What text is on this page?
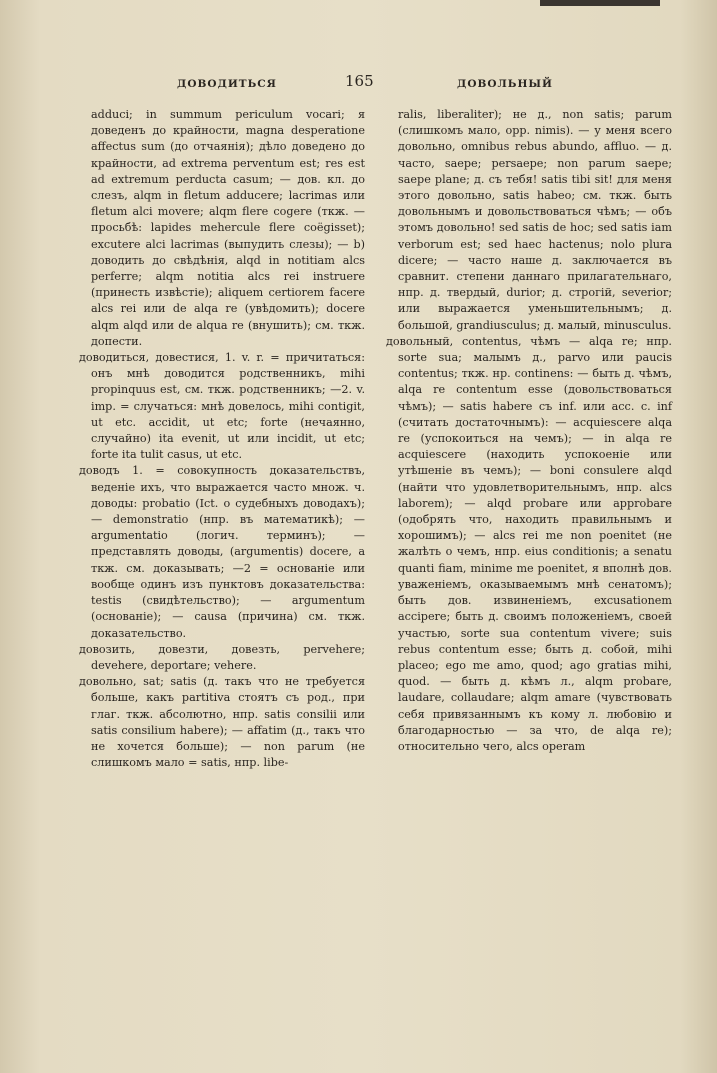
ДОВОДИТЬСЯ	165	ДОВОЛЬНЫЙ

adduci; in summum periculum vocari; я доведенъ до крайности, magna desperatione affectus sum (до отчаянія); дѣло доведено до крайности, ad extrema perventum est; res est ad extremum perducta casum; — дов. кл. до слезъ, alqm in fletum adducere; lacrimas или fletum alci movere; alqm flere cogere (ткж. — просьбѣ: lapides mehercule flere coëgisset); excutere alci lacrimas (выпудить слезы); — b) доводить до свѣдѣнія, alqd in notitiam alcs perferre; alqm notitia alcs rei instruere (принесть извѣстіе); aliquem certiorem facere alcs rei или de alqa re (увѣдомить); docere alqm alqd или de alqua re (внушить); см. ткж. допести.

доводиться, довестися, 1. v. r. = причитаться: онъ мнѣ доводится родственникъ, mihi propinquus est, см. ткж. родственникъ; —2. v. imp. = случаться: мнѣ довелось, mihi contigit, ut etc. accidit, ut etc; forte (нечаянно, случайно) ita evenit, ut или incidit, ut etc; forte ita tulit casus, ut etc.

доводъ 1. = совокупность доказательствъ, веденіе ихъ, что выражается часто множ. ч. доводы: probatio (Ict. о судебныхъ доводахъ); — demonstratio (нпр. въ математикѣ); — argumentatio (логич. терминъ); — представлять доводы, (argumentis) docere, а ткж. см. доказывать; —2 = основаніе или вообще одинъ изъ пунктовъ доказательства: testis (свидѣтельство); — argumentum (основаніе); — causa (причина) см. ткж. доказательство.

довозить, довезти, довезть, pervehere; devehere, deportare; vehere.

довольно, sat; satis (д. такъ что не требуется больше, какъ partitiva стоятъ съ род., при глаг. ткж. абсолютно, нпр. satis consilii или satis consilium habere); — affatim (д., такъ что не хочется больше); — non parum (не слишкомъ мало = satis, нпр. libe-

ralis, liberaliter); не д., non satis; parum (слишкомъ мало, opp. nimis). — у меня всего довольно, omnibus rebus abundo, affluo. — д. часто, saepe; persaepe; non parum saepe; saepe plane; д. съ тебя! satis tibi sit! для меня этого довольно, satis habeo; см. ткж. быть довольнымъ и довольствоваться чѣмъ; — объ этомъ довольно! sed satis de hoc; sed satis iam verborum est; sed haec hactenus; nolo plura dicere; — часто наше д. заключается въ сравнит. степени даннаго прилагательнаго, нпр. д. твердый, durior; д. строгій, severior; или выражается уменьшительнымъ; д. большой, grandiusculus; д. малый, minusculus.

довольный, contentus, чѣмъ — alqa re; нпр. sorte sua; малымъ д., parvo или paucis contentus; ткж. нр. continens: — быть д. чѣмъ, alqa re contentum esse (довольствоваться чѣмъ); — satis habere съ inf. или acc. c. inf (считать достаточнымъ): — acquiescere alqa re (успокоиться на чемъ); — in alqa re acquiescere (находить успокоеніе или утѣшеніе въ чемъ); — boni consulere alqd (найти что удовлетворительнымъ, нпр. alcs laborem); — alqd probare или approbare (одобрять что, находить правильнымъ и хорошимъ); — alcs rei me non poenitet (не жалѣть о чемъ, нпр. eius conditionis; a senatu quanti fiam, minime me poenitet, я вполнѣ дов. уваженіемъ, оказываемымъ мнѣ сенатомъ); быть дов. извиненіемъ, excusationem accipere; быть д. своимъ положеніемъ, своей участью, sorte sua contentum vivere; suis rebus contentum esse; быть д. собой, mihi placeo; ego me amo, quod; ago gratias mihi, quod. — быть д. кѣмъ л., alqm probare, laudare, collaudare; alqm amare (чувствовать себя привязаннымъ къ кому л. любовію и благодарностью — за что, de alqa re); относительно чего, alcs operam
